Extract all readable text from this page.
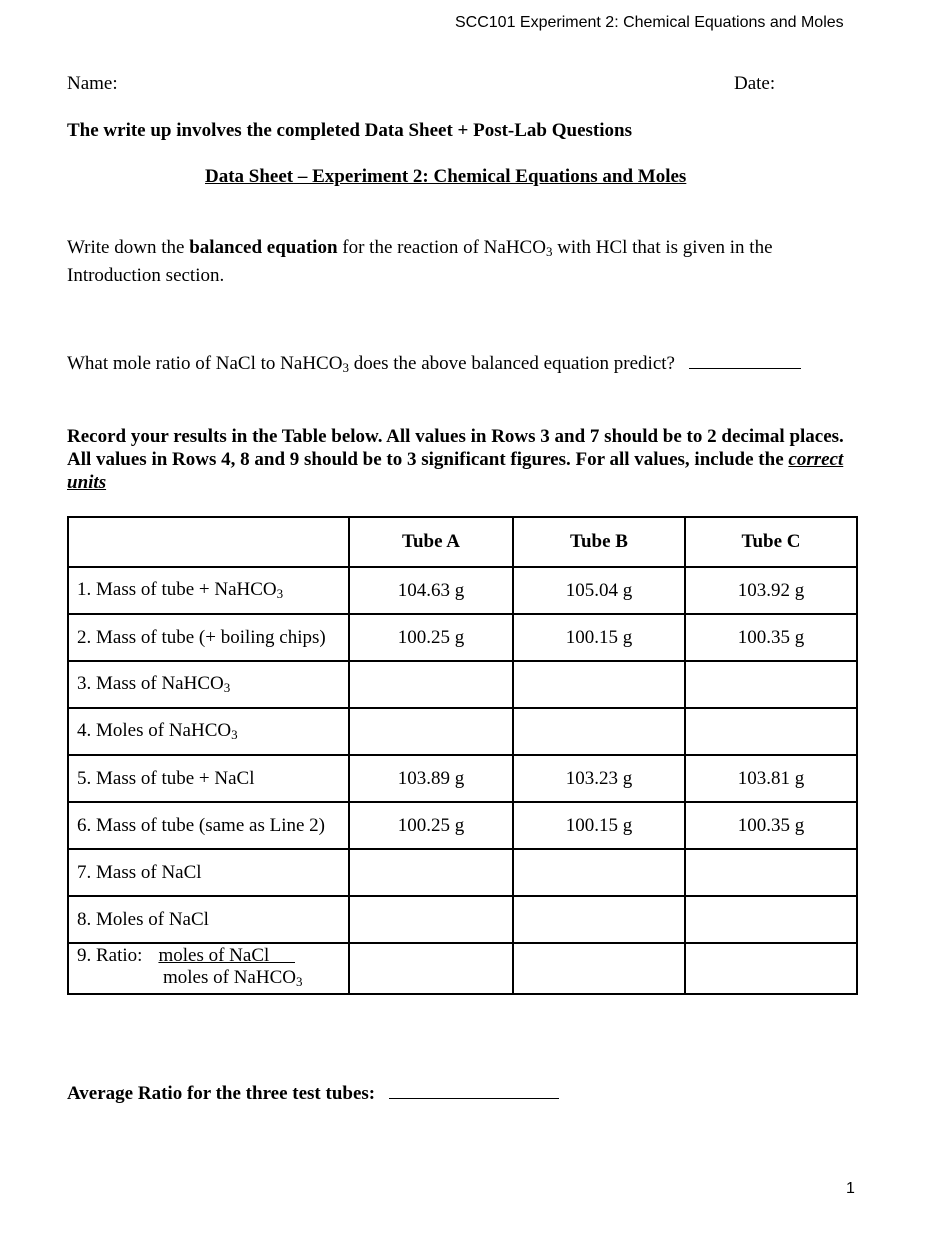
SCC101 Experiment 2: Chemical Equations and Moles
Name:	Date:
The write up involves the completed Data Sheet + Post-Lab Questions
Data Sheet – Experiment 2: Chemical Equations and Moles
Write down the balanced equation for the reaction of NaHCO$_3$ with HCl that is given in the Introduction section.
What mole ratio of NaCl to NaHCO$_3$ does the above balanced equation predict?
Record your results in the Table below. All values in Rows 3 and 7 should be to 2 decimal places. All values in Rows 4, 8 and 9 should be to 3 significant figures. For all values, include the correct units
	Tube A	Tube B	Tube C
1. Mass of tube + NaHCO$_3$	104.63 g	105.04 g	103.92 g
2. Mass of tube (+ boiling chips)	100.25 g	100.15 g	100.35 g
3. Mass of NaHCO$_3$			
4. Moles of NaHCO$_3$			
5. Mass of tube + NaCl	103.89 g	103.23 g	103.81 g
6. Mass of tube (same as Line 2)	100.25 g	100.15 g	100.35 g
7. Mass of NaCl			
8. Moles of NaCl			

9. Ratio: moles of NaCl
moles of NaHCO$_3$

Average Ratio for the three test tubes:
1
